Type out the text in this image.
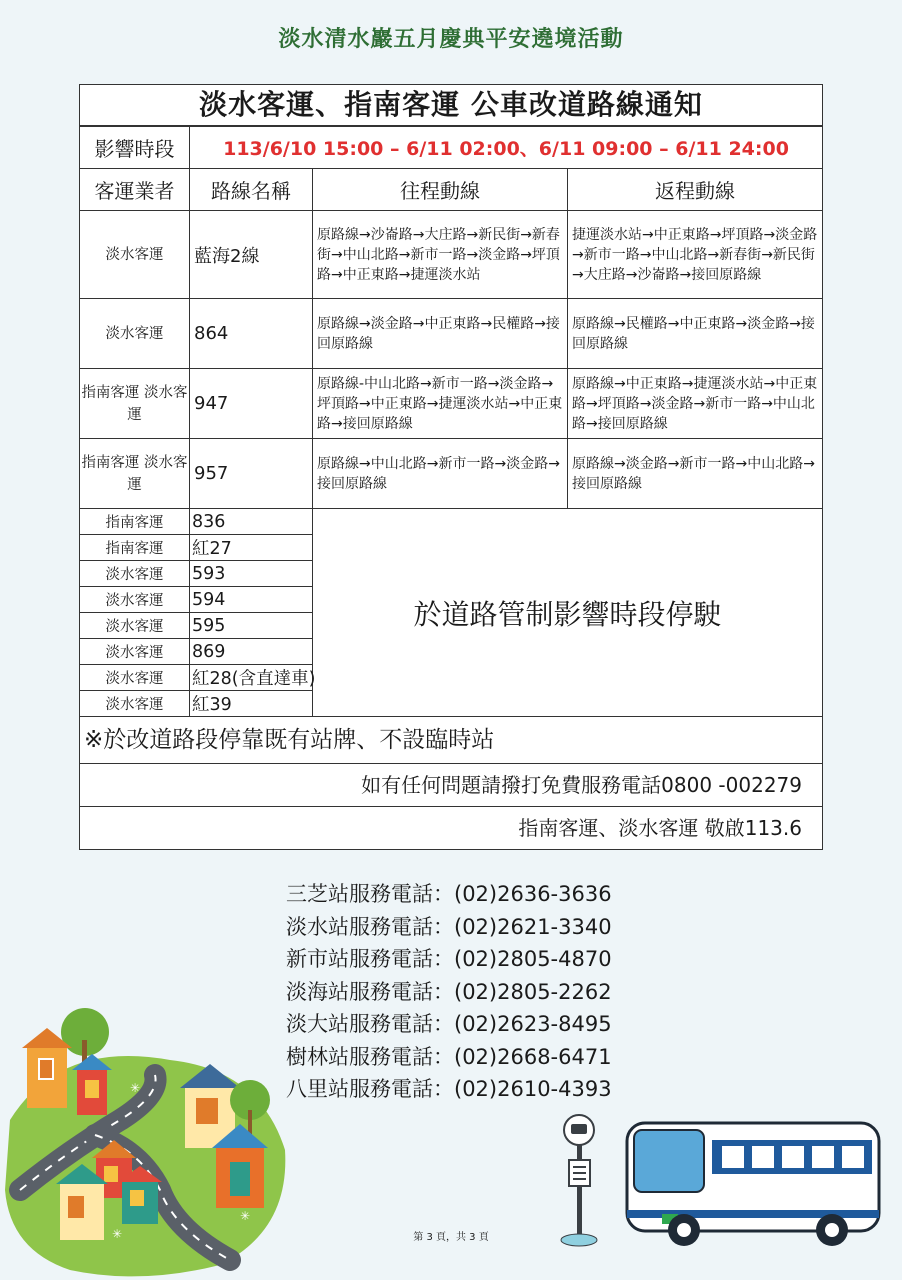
淡水清水巖五月慶典平安遶境活動
淡水客運、指南客運 公車改道路線通知
影響時段	113/6/10 15:00 – 6/11 02:00、6/11 09:00 – 6/11 24:00		
客運業者	路線名稱	往程動線	返程動線
淡水客運	藍海2線	原路線→沙崙路→大庄路→新民街→新春街→中山北路→新市一路→淡金路→坪頂路→中正東路→捷運淡水站	捷運淡水站→中正東路→坪頂路→淡金路→新市一路→中山北路→新春街→新民街→大庄路→沙崙路→接回原路線
淡水客運	864	原路線→淡金路→中正東路→民權路→接回原路線	原路線→民權路→中正東路→淡金路→接回原路線
指南客運 淡水客運	947	原路線-中山北路→新市一路→淡金路→坪頂路→中正東路→捷運淡水站→中正東路→接回原路線	原路線→中正東路→捷運淡水站→中正東路→坪頂路→淡金路→新市一路→中山北路→接回原路線
指南客運 淡水客運	957	原路線→中山北路→新市一路→淡金路→接回原路線	原路線→淡金路→新市一路→中山北路→接回原路線
指南客運	836	於道路管制影響時段停駛	
指南客運	紅27		
淡水客運	593		
淡水客運	594		
淡水客運	595		
淡水客運	869		
淡水客運	紅28(含直達車)		
淡水客運	紅39		
※於改道路段停靠既有站牌、不設臨時站
如有任何問題請撥打免費服務電話0800 -002279
指南客運、淡水客運 敬啟113.6
三芝站服務電話：(02)2636-3636
淡水站服務電話：(02)2621-3340
新市站服務電話：(02)2805-4870
淡海站服務電話：(02)2805-2262
淡大站服務電話：(02)2623-8495
樹林站服務電話：(02)2668-6471
八里站服務電話：(02)2610-4393
✳
✳
✳	第 3 頁，共 3 頁
